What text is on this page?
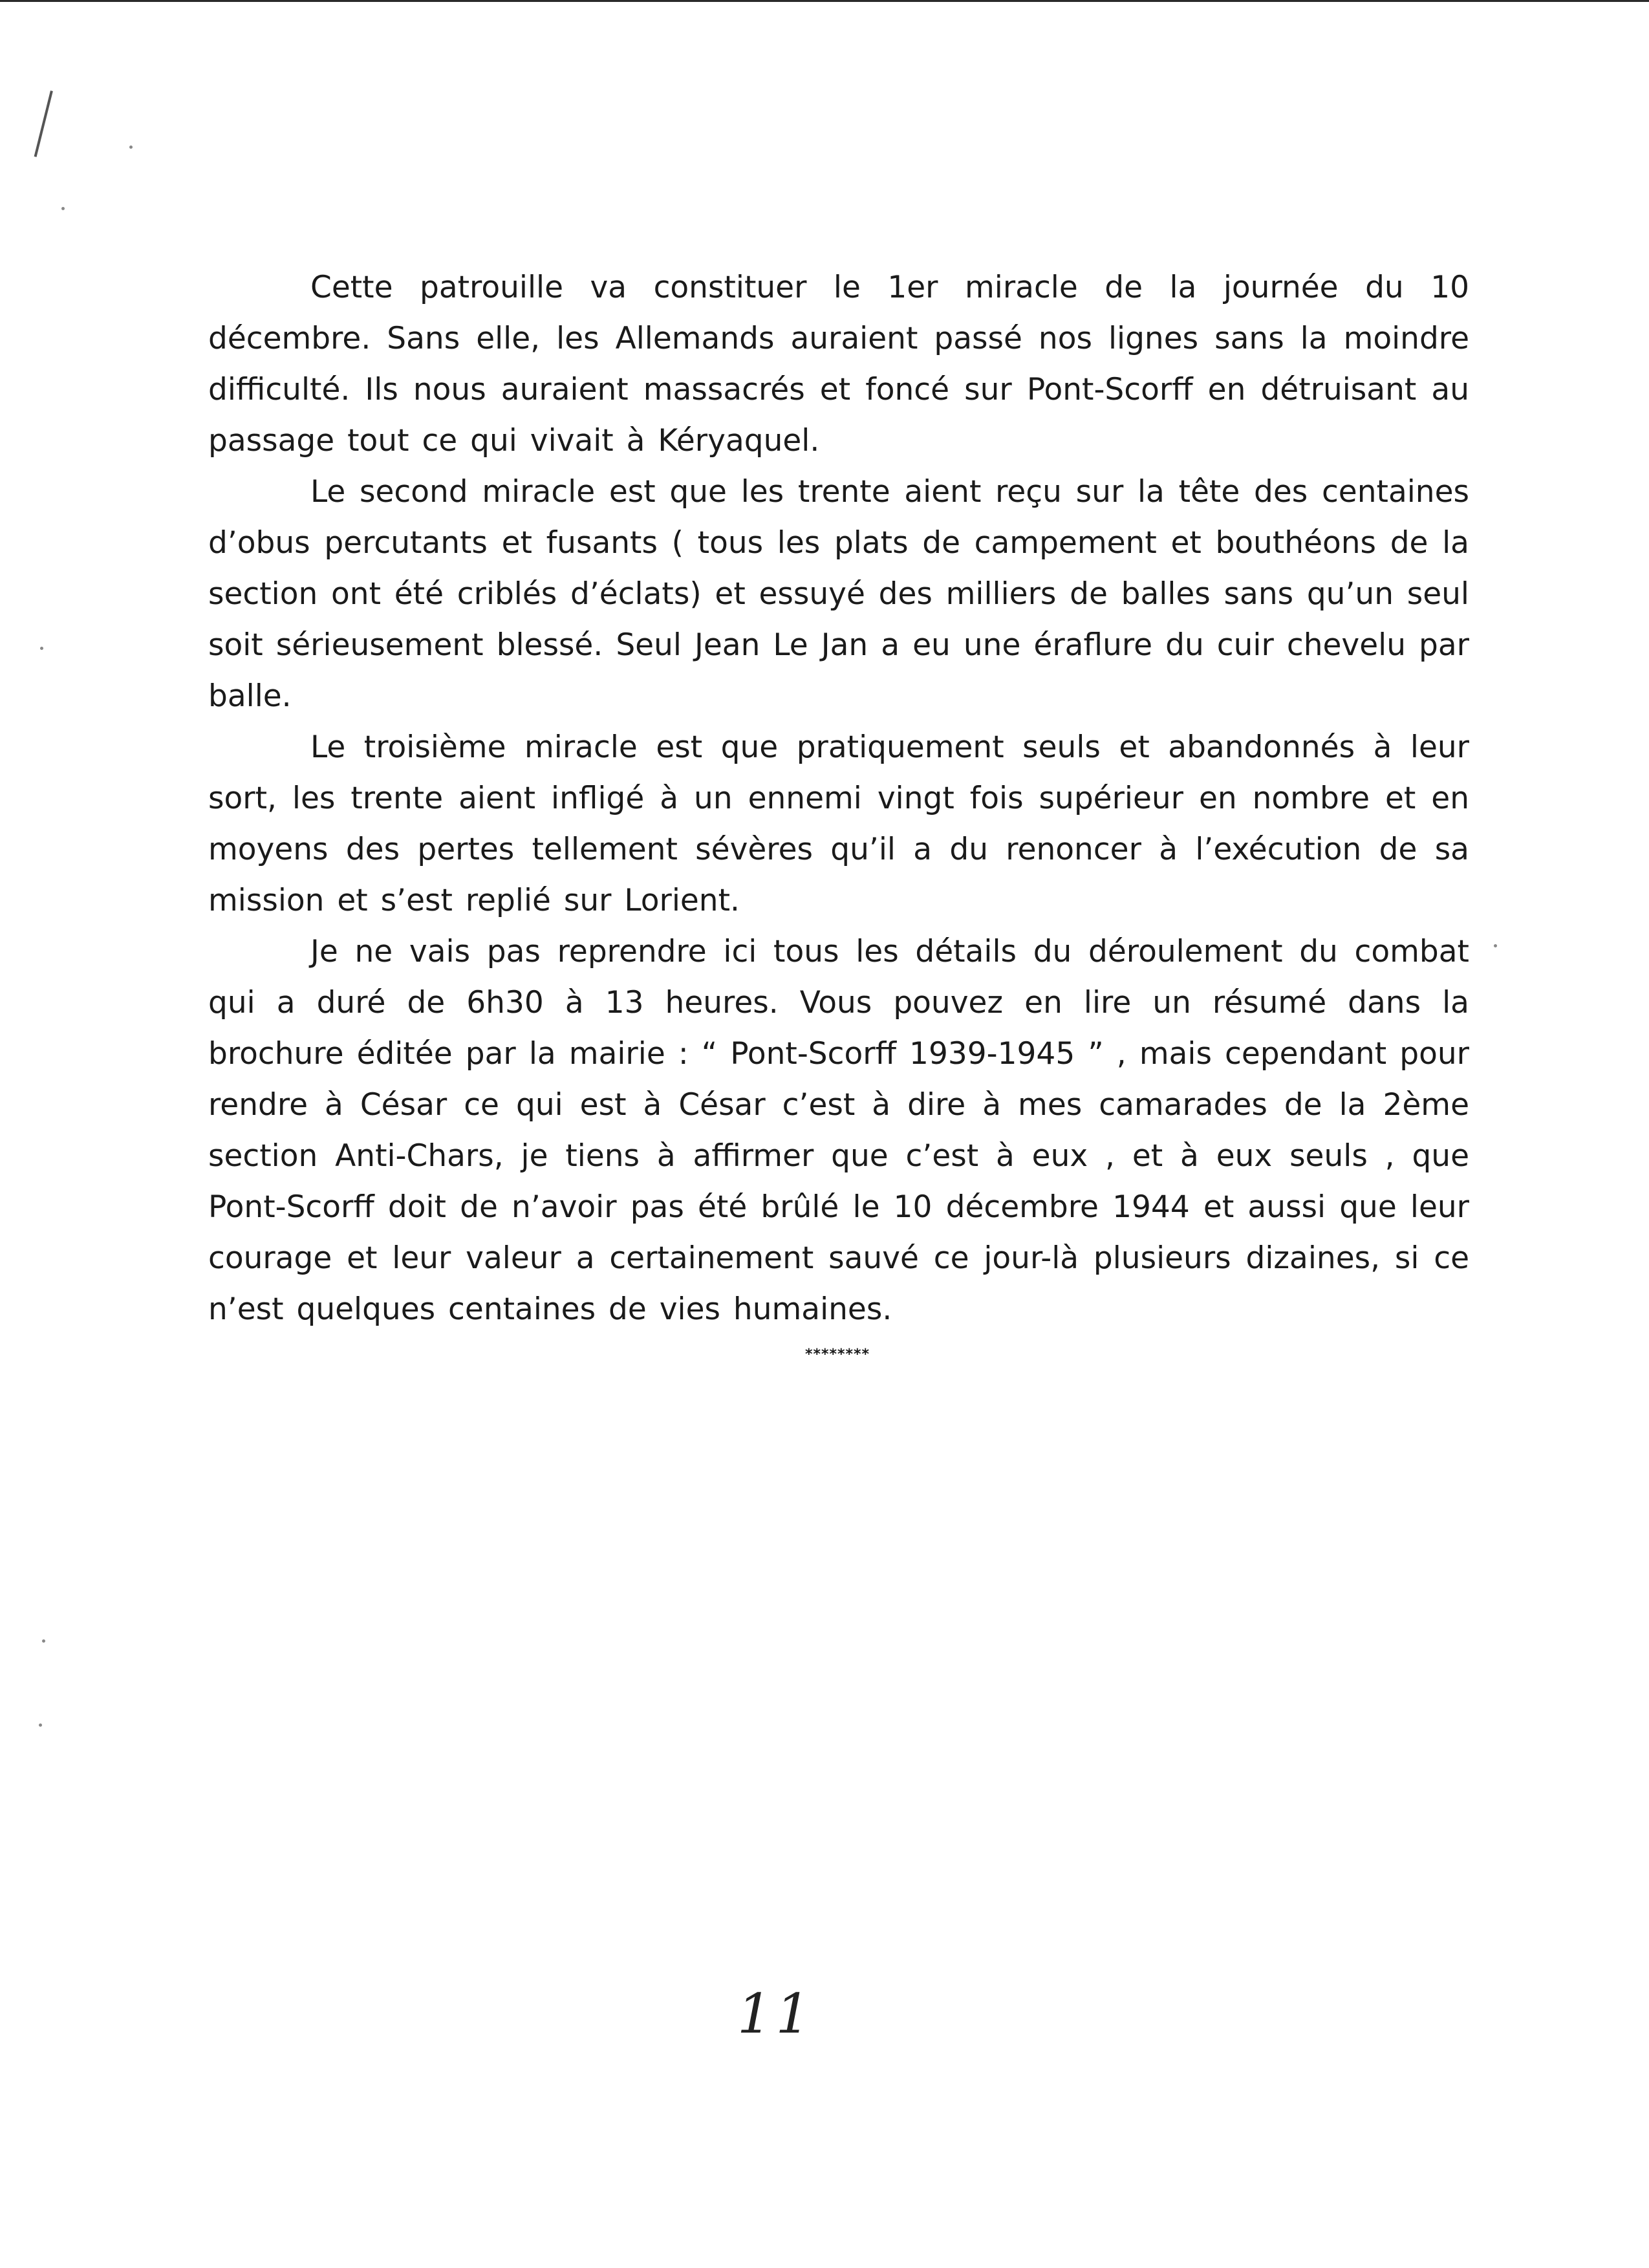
Cette patrouille va constituer le 1er miracle de la journée du 10 décembre. Sans elle, les Allemands auraient passé nos lignes sans la moindre difficulté. Ils nous auraient massacrés et foncé sur Pont-Scorff en détruisant au passage tout ce qui vivait à Kéryaquel.

Le second miracle est que les trente aient reçu sur la tête des centaines d’obus percutants et fusants ( tous les plats de campement et bouthéons de la section ont été criblés d’éclats) et essuyé des milliers de balles sans qu’un seul soit sérieusement blessé. Seul Jean Le Jan a eu une éraflure du cuir chevelu par balle.

Le troisième miracle est que pratiquement seuls et abandonnés à leur sort, les trente aient infligé à un ennemi vingt fois supérieur en nombre et en moyens des pertes tellement sévères qu’il a du renoncer à l’exécution de sa mission et s’est replié sur Lorient.

Je ne vais pas reprendre ici tous les détails du déroulement du combat qui a duré de 6h30 à 13 heures. Vous pouvez en lire un résumé dans la brochure éditée par la mairie : “ Pont-Scorff 1939-1945 ” , mais cependant pour rendre à César ce qui est à César c’est à dire à mes camarades de la 2ème section Anti-Chars, je tiens à affirmer que c’est à eux , et à eux seuls , que Pont-Scorff doit de n’avoir pas été brûlé le 10 décembre 1944 et aussi que leur courage et leur valeur a certainement sauvé ce jour-là plusieurs dizaines, si ce n’est quelques centaines de vies humaines.

********
11
